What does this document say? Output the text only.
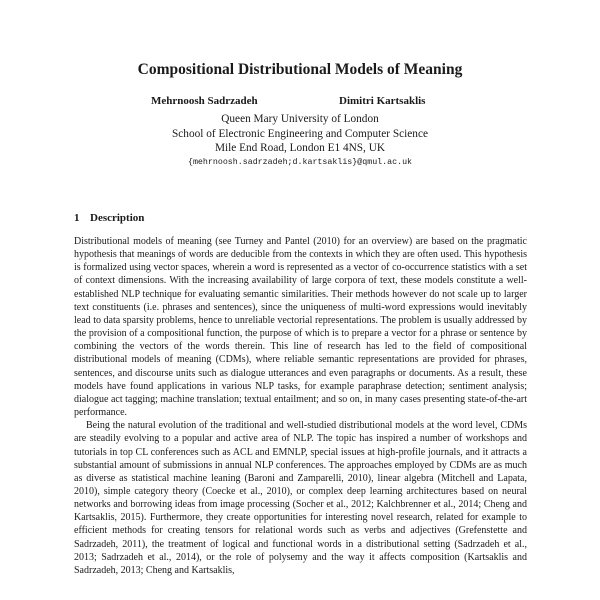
Compositional Distributional Models of Meaning
Mehrnoosh Sadrzadeh	Dimitri Kartsaklis
Queen Mary University of London
School of Electronic Engineering and Computer Science
Mile End Road, London E1 4NS, UK
{mehrnoosh.sadrzadeh;d.kartsaklis}@qmul.ac.uk
1 Description

Distributional models of meaning (see Turney and Pantel (2010) for an overview) are based on the pragmatic hypothesis that meanings of words are deducible from the contexts in which they are often used. This hypothesis is formalized using vector spaces, wherein a word is represented as a vector of co-occurrence statistics with a set of context dimensions. With the increasing availability of large corpora of text, these models constitute a well-established NLP technique for evaluating semantic similarities. Their methods however do not scale up to larger text constituents (i.e. phrases and sentences), since the uniqueness of multi-word expressions would inevitably lead to data sparsity problems, hence to unreliable vectorial representations. The problem is usually addressed by the provision of a compositional function, the purpose of which is to prepare a vector for a phrase or sentence by combining the vectors of the words therein. This line of research has led to the field of compositional distributional models of meaning (CDMs), where reliable semantic representations are provided for phrases, sentences, and discourse units such as dialogue utterances and even paragraphs or documents. As a result, these models have found applications in various NLP tasks, for example paraphrase detection; sentiment analysis; dialogue act tagging; machine translation; textual entailment; and so on, in many cases presenting state-of-the-art performance.

Being the natural evolution of the traditional and well-studied distributional models at the word level, CDMs are steadily evolving to a popular and active area of NLP. The topic has inspired a number of workshops and tutorials in top CL conferences such as ACL and EMNLP, special issues at high-profile journals, and it attracts a substantial amount of submissions in annual NLP conferences. The approaches employed by CDMs are as much as diverse as statistical machine leaning (Baroni and Zamparelli, 2010), linear algebra (Mitchell and Lapata, 2010), simple category theory (Coecke et al., 2010), or complex deep learning architectures based on neural networks and borrowing ideas from image processing (Socher et al., 2012; Kalchbrenner et al., 2014; Cheng and Kartsaklis, 2015). Furthermore, they create opportunities for interesting novel research, related for example to efficient methods for creating tensors for relational words such as verbs and adjectives (Grefenstette and Sadrzadeh, 2011), the treatment of logical and functional words in a distributional setting (Sadrzadeh et al., 2013; Sadrzadeh et al., 2014), or the role of polysemy and the way it affects composition (Kartsaklis and Sadrzadeh, 2013; Cheng and Kartsaklis,
